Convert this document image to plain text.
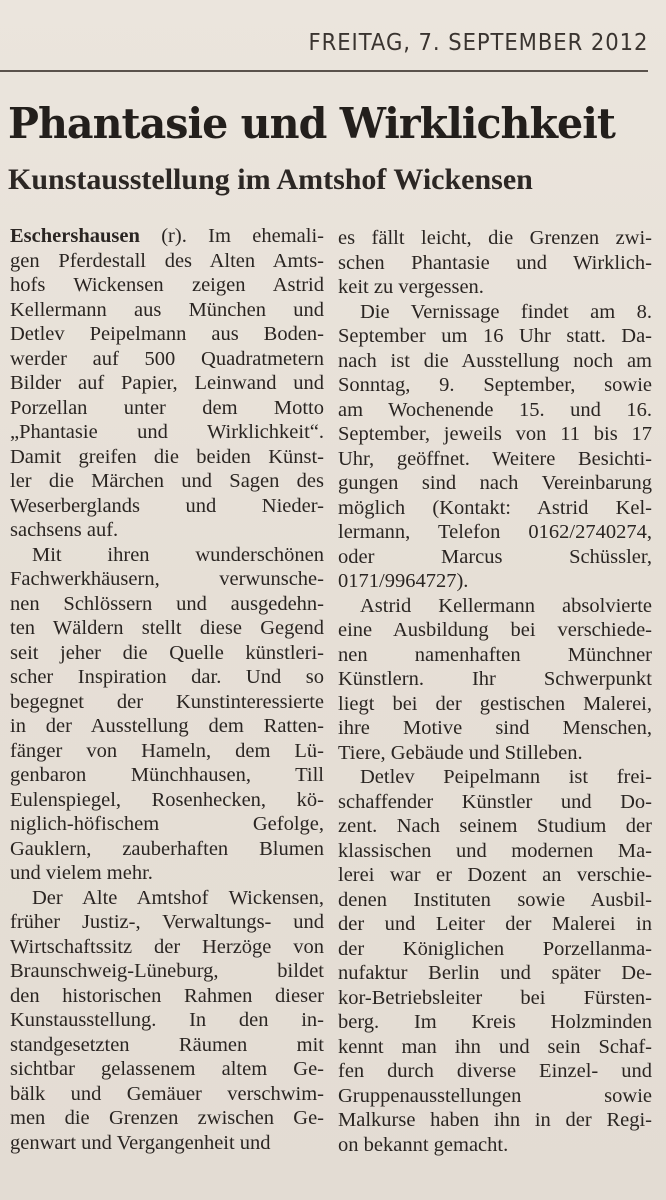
FREITAG, 7. SEPTEMBER 2012
Phantasie und Wirklichkeit
Kunstausstellung im Amtshof Wickensen
Eschershausen (r). Im ehemali-
gen Pferdestall des Alten Amts-
hofs Wickensen zeigen Astrid
Kellermann aus München und
Detlev Peipelmann aus Boden-
werder auf 500 Quadratmetern
Bilder auf Papier, Leinwand und
Porzellan unter dem Motto
„Phantasie und Wirklichkeit“.
Damit greifen die beiden Künst-
ler die Märchen und Sagen des
Weserberglands und Nieder-
sachsens auf.
Mit ihren wunderschönen
Fachwerkhäusern, verwunsche-
nen Schlössern und ausgedehn-
ten Wäldern stellt diese Gegend
seit jeher die Quelle künstleri-
scher Inspiration dar. Und so
begegnet der Kunstinteressierte
in der Ausstellung dem Ratten-
fänger von Hameln, dem Lü-
genbaron Münchhausen, Till
Eulenspiegel, Rosenhecken, kö-
niglich-höfischem Gefolge,
Gauklern, zauberhaften Blumen
und vielem mehr.
Der Alte Amtshof Wickensen,
früher Justiz-, Verwaltungs- und
Wirtschaftssitz der Herzöge von
Braunschweig-Lüneburg, bildet
den historischen Rahmen dieser
Kunstausstellung. In den in-
standgesetzten Räumen mit
sichtbar gelassenem altem Ge-
bälk und Gemäuer verschwim-
men die Grenzen zwischen Ge-
genwart und Vergangenheit und
es fällt leicht, die Grenzen zwi-
schen Phantasie und Wirklich-
keit zu vergessen.
Die Vernissage findet am 8.
September um 16 Uhr statt. Da-
nach ist die Ausstellung noch am
Sonntag, 9. September, sowie
am Wochenende 15. und 16.
September, jeweils von 11 bis 17
Uhr, geöffnet. Weitere Besichti-
gungen sind nach Vereinbarung
möglich (Kontakt: Astrid Kel-
lermann, Telefon 0162/2740274,
oder Marcus Schüssler,
0171/9964727).
Astrid Kellermann absolvierte
eine Ausbildung bei verschiede-
nen namenhaften Münchner
Künstlern. Ihr Schwerpunkt
liegt bei der gestischen Malerei,
ihre Motive sind Menschen,
Tiere, Gebäude und Stilleben.
Detlev Peipelmann ist frei-
schaffender Künstler und Do-
zent. Nach seinem Studium der
klassischen und modernen Ma-
lerei war er Dozent an verschie-
denen Instituten sowie Ausbil-
der und Leiter der Malerei in
der Königlichen Porzellanma-
nufaktur Berlin und später De-
kor-Betriebsleiter bei Fürsten-
berg. Im Kreis Holzminden
kennt man ihn und sein Schaf-
fen durch diverse Einzel- und
Gruppenausstellungen sowie
Malkurse haben ihn in der Regi-
on bekannt gemacht.
